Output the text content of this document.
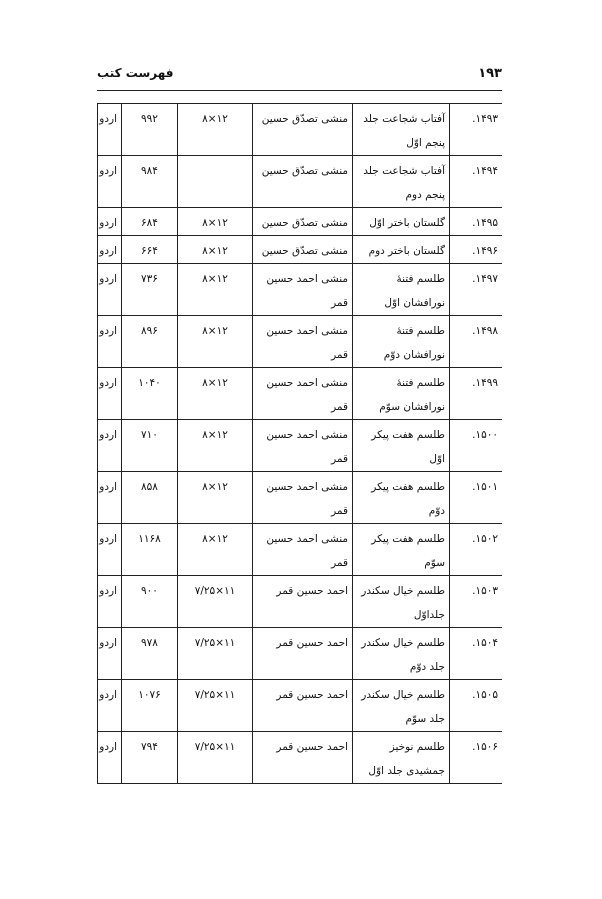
۱۹۳
فهرست کتب
۱۴۹۳.	آفتاب شجاعت جلد پنجم اوّل	منشی تصدّق حسین	۱۲×۸	۹۹۲	اردو
۱۴۹۴.	آفتاب شجاعت جلد پنجم دوم	منشی تصدّق حسین		۹۸۴	اردو
۱۴۹۵.	گلستان باختر اوّل	منشی تصدّق حسین	۱۲×۸	۶۸۴	اردو
۱۴۹۶.	گلستان باختر دوم	منشی تصدّق حسین	۱۲×۸	۶۶۴	اردو
۱۴۹۷.	طلسم فتنهٔ نورافشان اوّل	منشی احمد حسین قمر	۱۲×۸	۷۳۶	اردو
۱۴۹۸.	طلسم فتنهٔ نورافشان دوّم	منشی احمد حسین قمر	۱۲×۸	۸۹۶	اردو
۱۴۹۹.	طلسم فتنهٔ نورافشان سوّم	منشی احمد حسین قمر	۱۲×۸	۱۰۴۰	اردو
۱۵۰۰.	طلسم هفت پیکر اوّل	منشی احمد حسین قمر	۱۲×۸	۷۱۰	اردو
۱۵۰۱.	طلسم هفت پیکر دوّم	منشی احمد حسین قمر	۱۲×۸	۸۵۸	اردو
۱۵۰۲.	طلسم هفت پیکر سوّم	منشی احمد حسین قمر	۱۲×۸	۱۱۶۸	اردو
۱۵۰۳.	طلسم خیال سکندر جلداوّل	احمد حسین قمر	۱۱×۷/۲۵	۹۰۰	اردو
۱۵۰۴.	طلسم خیال سکندر جلد دوّم	احمد حسین قمر	۱۱×۷/۲۵	۹۷۸	اردو
۱۵۰۵.	طلسم خیال سکندر جلد سوّم	احمد حسین قمر	۱۱×۷/۲۵	۱۰۷۶	اردو
۱۵۰۶.	طلسم نوخیز جمشیدی جلد اوّل	احمد حسین قمر	۱۱×۷/۲۵	۷۹۴	اردو
